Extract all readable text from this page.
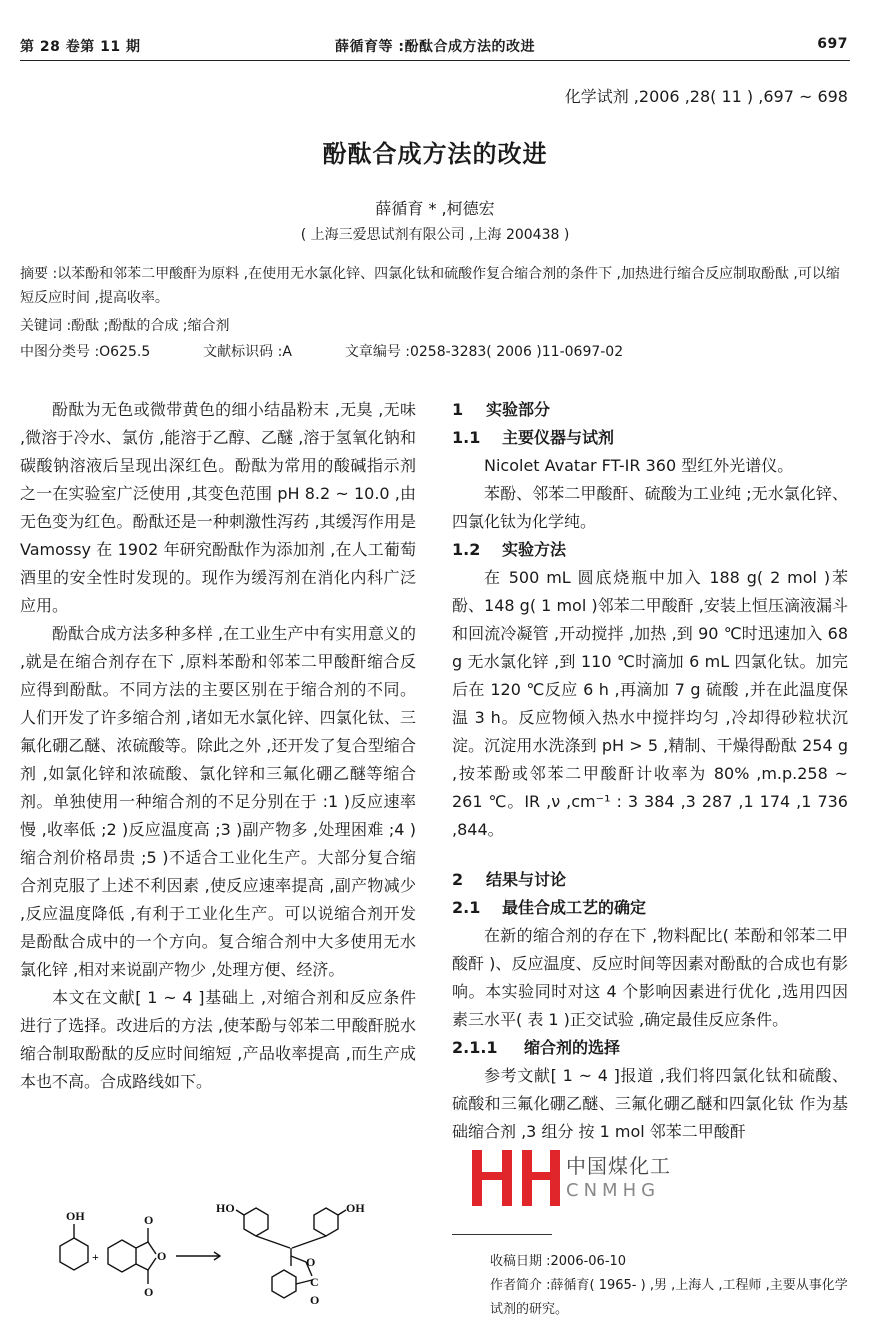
第 28 卷第 11 期	薛循育等 :酚酞合成方法的改进	697
化学试剂 ,2006 ,28( 11 ) ,697 ~ 698
酚酞合成方法的改进
薛循育 * ,柯德宏
( 上海三爱思试剂有限公司 ,上海 200438 )
摘要 :以苯酚和邻苯二甲酸酐为原料 ,在使用无水氯化锌、四氯化钛和硫酸作复合缩合剂的条件下 ,加热进行缩合反应制取酚酞 ,可以缩短反应时间 ,提高收率。
关键词 :酚酞 ;酚酞的合成 ;缩合剂
中图分类号 :O625.5	文献标识码 :A	文章编号 :0258-3283( 2006 )11-0697-02

酚酞为无色或微带黄色的细小结晶粉末 ,无臭 ,无味 ,微溶于冷水、氯仿 ,能溶于乙醇、乙醚 ,溶于氢氧化钠和碳酸钠溶液后呈现出深红色。酚酞为常用的酸碱指示剂之一在实验室广泛使用 ,其变色范围 pH 8.2 ~ 10.0 ,由无色变为红色。酚酞还是一种刺激性泻药 ,其缓泻作用是 Vamossy 在 1902 年研究酚酞作为添加剂 ,在人工葡萄酒里的安全性时发现的。现作为缓泻剂在消化内科广泛应用。

酚酞合成方法多种多样 ,在工业生产中有实用意义的 ,就是在缩合剂存在下 ,原料苯酚和邻苯二甲酸酐缩合反应得到酚酞。不同方法的主要区别在于缩合剂的不同。人们开发了许多缩合剂 ,诸如无水氯化锌、四氯化钛、三氟化硼乙醚、浓硫酸等。除此之外 ,还开发了复合型缩合剂 ,如氯化锌和浓硫酸、氯化锌和三氟化硼乙醚等缩合剂。单独使用一种缩合剂的不足分别在于 :1 )反应速率慢 ,收率低 ;2 )反应温度高 ;3 )副产物多 ,处理困难 ;4 )缩合剂价格昂贵 ;5 )不适合工业化生产。大部分复合缩合剂克服了上述不利因素 ,使反应速率提高 ,副产物减少 ,反应温度降低 ,有利于工业化生产。可以说缩合剂开发是酚酞合成中的一个方向。复合缩合剂中大多使用无水氯化锌 ,相对来说副产物少 ,处理方便、经济。

本文在文献[ 1 ~ 4 ]基础上 ,对缩合剂和反应条件进行了选择。改进后的方法 ,使苯酚与邻苯二甲酸酐脱水缩合制取酚酞的反应时间缩短 ,产品收率提高 ,而生产成本也不高。合成路线如下。

OH
+
O
O
O
HO	OH
O
C
O
1 实验部分
1.1 主要仪器与试剂

Nicolet Avatar FT-IR 360 型红外光谱仪。

苯酚、邻苯二甲酸酐、硫酸为工业纯 ;无水氯化锌、四氯化钛为化学纯。

1.2 实验方法

在 500 mL 圆底烧瓶中加入 188 g( 2 mol )苯酚、148 g( 1 mol )邻苯二甲酸酐 ,安装上恒压滴液漏斗和回流冷凝管 ,开动搅拌 ,加热 ,到 90 ℃时迅速加入 68 g 无水氯化锌 ,到 110 ℃时滴加 6 mL 四氯化钛。加完后在 120 ℃反应 6 h ,再滴加 7 g 硫酸 ,并在此温度保温 3 h。反应物倾入热水中搅拌均匀 ,冷却得砂粒状沉淀。沉淀用水洗涤到 pH > 5 ,精制、干燥得酚酞 254 g ,按苯酚或邻苯二甲酸酐计收率为 80% ,m.p.258 ~ 261 ℃。IR ,ν ,cm⁻¹ : 3 384 ,3 287 ,1 174 ,1 736 ,844。

2 结果与讨论
2.1 最佳合成工艺的确定

在新的缩合剂的存在下 ,物料配比( 苯酚和邻苯二甲酸酐 )、反应温度、反应时间等因素对酚酞的合成也有影响。本实验同时对这 4 个影响因素进行优化 ,选用四因素三水平( 表 1 )正交试验 ,确定最佳反应条件。

2.1.1 缩合剂的选择

参考文献[ 1 ~ 4 ]报道 ,我们将四氯化钛和硫酸、硫酸和三氟化硼乙醚、三氟化硼乙醚和四氯化钛 作为基础缩合剂 ,3 组分 按 1 mol 邻苯二甲酸酐

中国煤化工
CNMHG
收稿日期 :2006-06-10
作者简介 :薛循育( 1965- ) ,男 ,上海人 ,工程师 ,主要从事化学试剂的研究。
